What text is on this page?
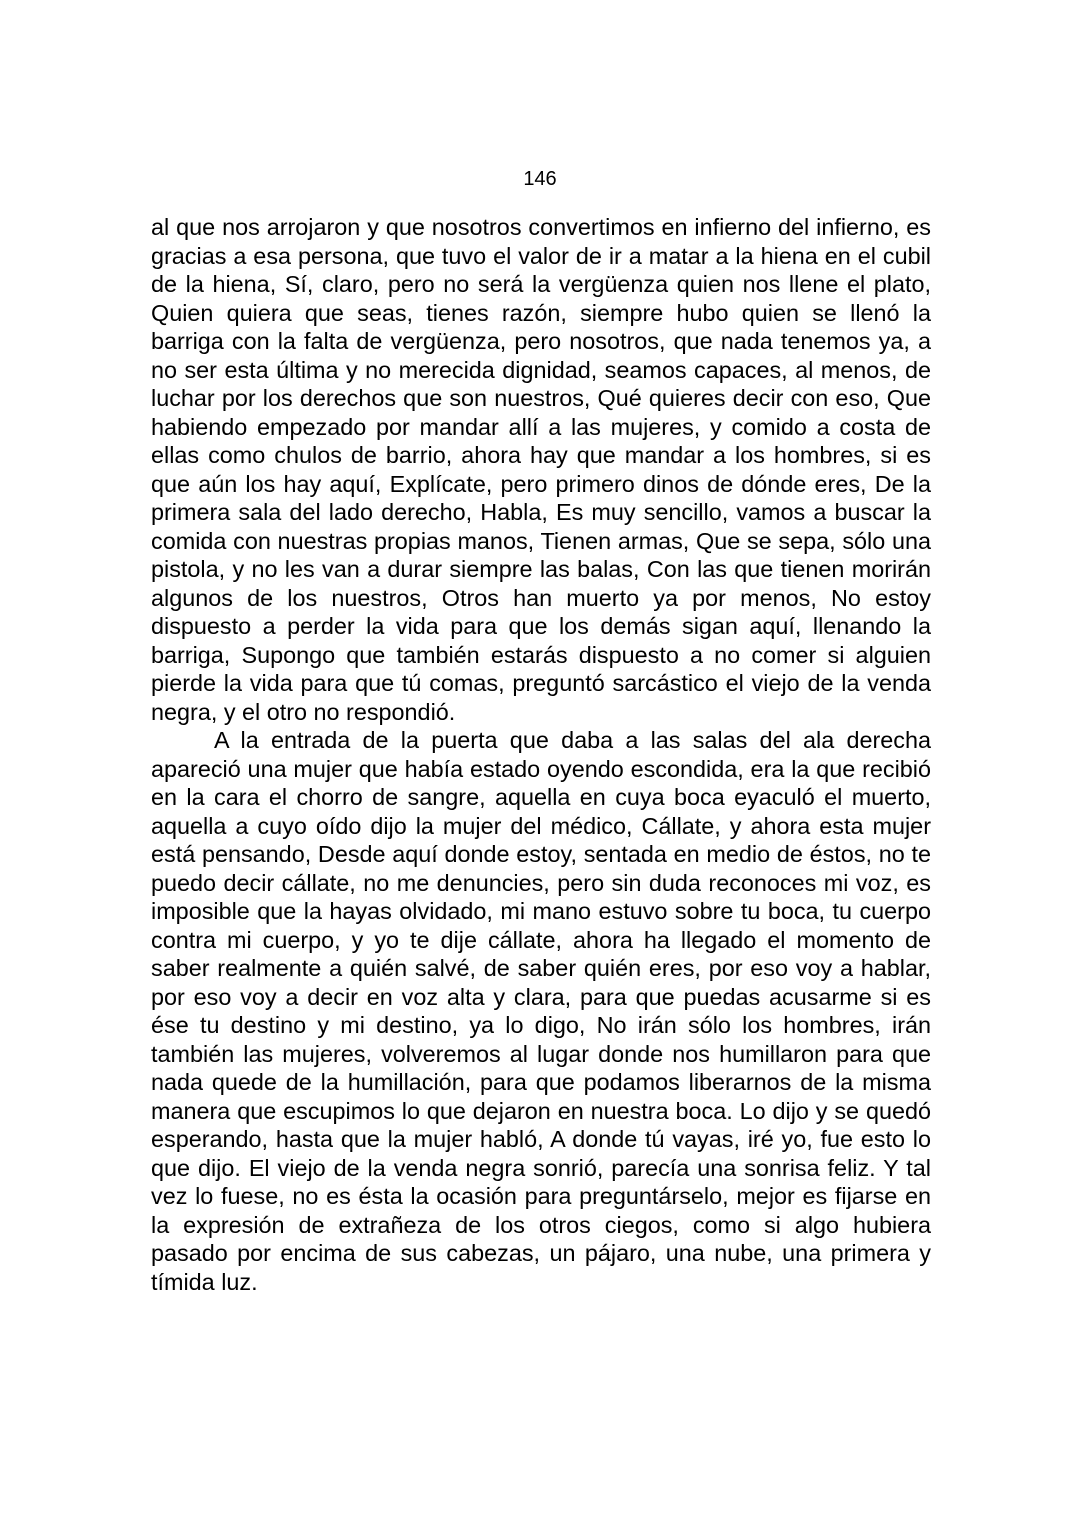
146

al que nos arrojaron y que nosotros convertimos en infierno del infierno, es gracias a esa persona, que tuvo el valor de ir a matar a la hiena en el cubil de la hiena, Sí, claro, pero no será la vergüenza quien nos llene el plato, Quien quiera que seas, tienes razón, siempre hubo quien se llenó la barriga con la falta de vergüenza, pero nosotros, que nada tenemos ya, a no ser esta última y no merecida dignidad, seamos capaces, al menos, de luchar por los derechos que son nuestros, Qué quieres decir con eso, Que habiendo empezado por mandar allí a las mujeres, y comido a costa de ellas como chulos de barrio, ahora hay que mandar a los hombres, si es que aún los hay aquí, Explícate, pero primero dinos de dónde eres, De la primera sala del lado derecho, Habla, Es muy sencillo, vamos a buscar la comida con nuestras propias manos, Tienen armas, Que se sepa, sólo una pistola, y no les van a durar siempre las balas, Con las que tienen morirán algunos de los nuestros, Otros han muerto ya por menos, No estoy dispuesto a perder la vida para que los demás sigan aquí, llenando la barriga, Supongo que también estarás dispuesto a no comer si alguien pierde la vida para que tú comas, preguntó sarcástico el viejo de la venda negra, y el otro no respondió.

A la entrada de la puerta que daba a las salas del ala derecha apareció una mujer que había estado oyendo escondida, era la que recibió en la cara el chorro de sangre, aquella en cuya boca eyaculó el muerto, aquella a cuyo oído dijo la mujer del médico, Cállate, y ahora esta mujer está pensando, Desde aquí donde estoy, sentada en medio de éstos, no te puedo decir cállate, no me denuncies, pero sin duda reconoces mi voz, es imposible que la hayas olvidado, mi mano estuvo sobre tu boca, tu cuerpo contra mi cuerpo, y yo te dije cállate, ahora ha llegado el momento de saber realmente a quién salvé, de saber quién eres, por eso voy a hablar, por eso voy a decir en voz alta y clara, para que puedas acusarme si es ése tu destino y mi destino, ya lo digo, No irán sólo los hombres, irán también las mujeres, volveremos al lugar donde nos humillaron para que nada quede de la humillación, para que podamos liberarnos de la misma manera que escupimos lo que dejaron en nuestra boca. Lo dijo y se quedó esperando, hasta que la mujer habló, A donde tú vayas, iré yo, fue esto lo que dijo. El viejo de la venda negra sonrió, parecía una sonrisa feliz. Y tal vez lo fuese, no es ésta la ocasión para preguntárselo, mejor es fijarse en la expresión de extrañeza de los otros ciegos, como si algo hubiera pasado por encima de sus cabezas, un pájaro, una nube, una primera y tímida luz.
